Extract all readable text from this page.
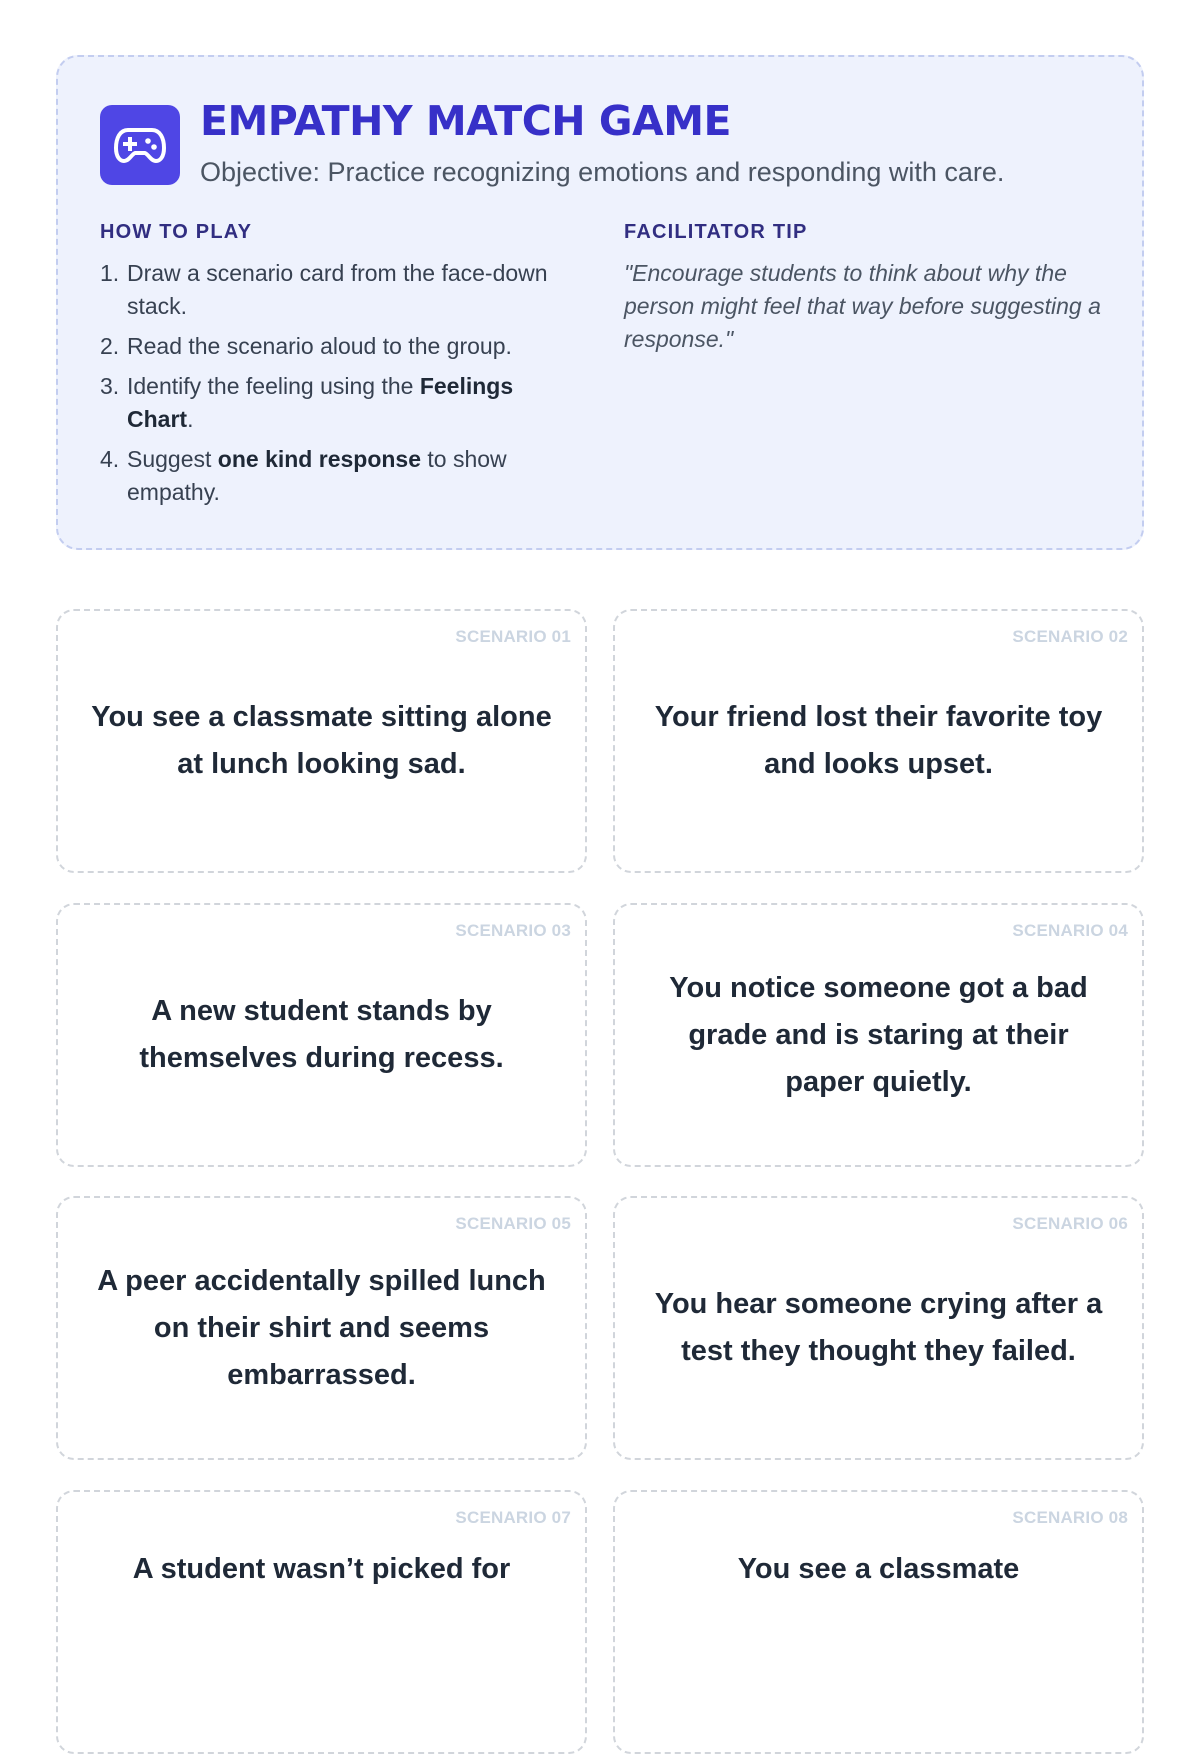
EMPATHY MATCH GAME
Objective: Practice recognizing emotions and responding with care.
HOW TO PLAY
1. Draw a scenario card from the face-down stack.
2. Read the scenario aloud to the group.
3. Identify the feeling using the Feelings Chart.
4. Suggest one kind response to show empathy.
FACILITATOR TIP
"Encourage students to think about why the person might feel that way before suggesting a response."
SCENARIO 01
You see a classmate sitting alone at lunch looking sad.
SCENARIO 02
Your friend lost their favorite toy and looks upset.
SCENARIO 03
A new student stands by themselves during recess.
SCENARIO 04
You notice someone got a bad grade and is staring at their paper quietly.
SCENARIO 05
A peer accidentally spilled lunch on their shirt and seems embarrassed.
SCENARIO 06
You hear someone crying after a test they thought they failed.
SCENARIO 07
A student wasn’t picked for
SCENARIO 08
You see a classmate
